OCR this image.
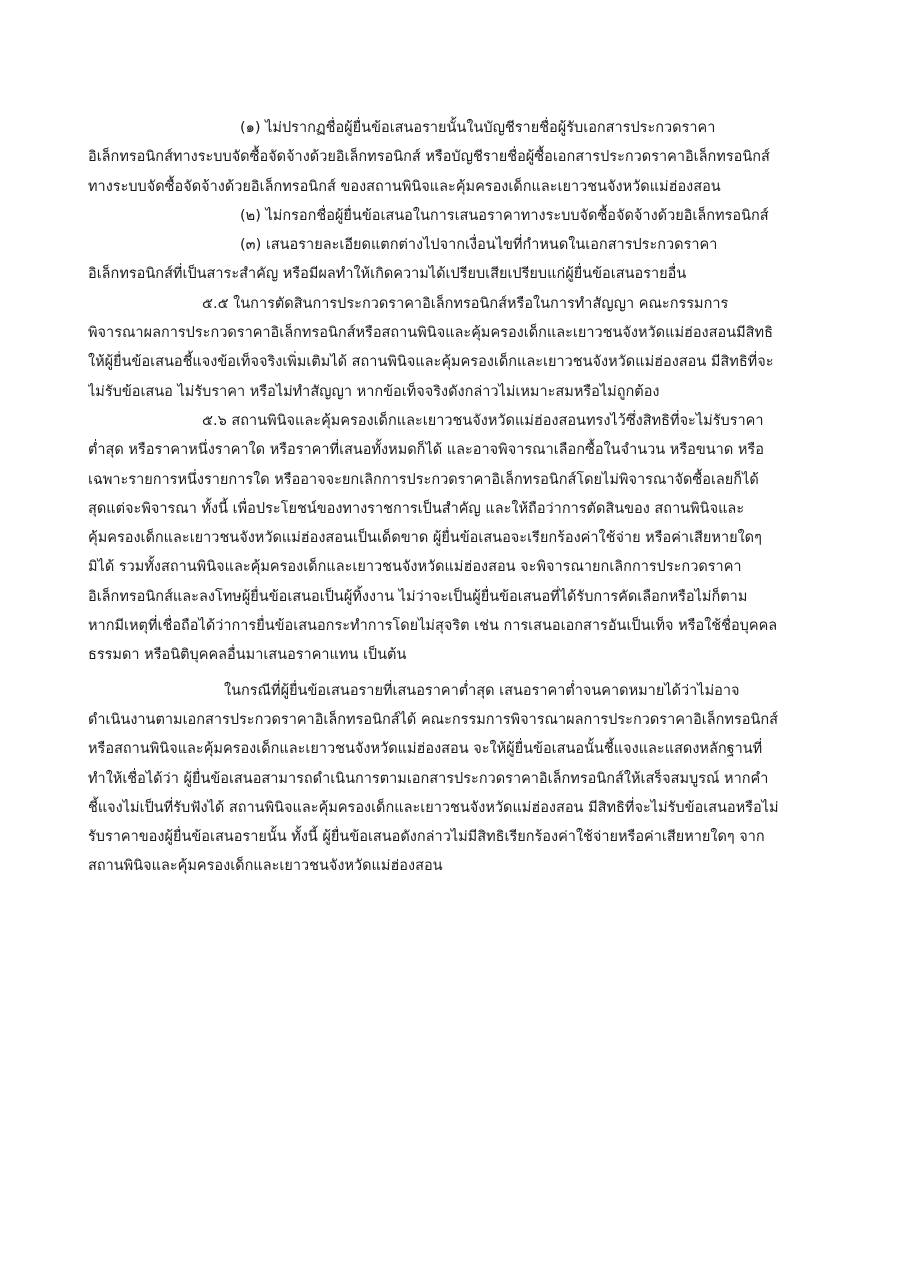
(๑) ไม่ปรากฏชื่อผู้ยื่นข้อเสนอรายนั้นในบัญชีรายชื่อผู้รับเอกสารประกวดราคา
อิเล็กทรอนิกส์ทางระบบจัดซื้อจัดจ้างด้วยอิเล็กทรอนิกส์ หรือบัญชีรายชื่อผู้ซื้อเอกสารประกวดราคาอิเล็กทรอนิกส์
ทางระบบจัดซื้อจัดจ้างด้วยอิเล็กทรอนิกส์ ของสถานพินิจและคุ้มครองเด็กและเยาวชนจังหวัดแม่ฮ่องสอน
(๒) ไม่กรอกชื่อผู้ยื่นข้อเสนอในการเสนอราคาทางระบบจัดซื้อจัดจ้างด้วยอิเล็กทรอนิกส์
(๓) เสนอรายละเอียดแตกต่างไปจากเงื่อนไขที่กำหนดในเอกสารประกวดราคา
อิเล็กทรอนิกส์ที่เป็นสาระสำคัญ หรือมีผลทำให้เกิดความได้เปรียบเสียเปรียบแก่ผู้ยื่นข้อเสนอรายอื่น
๕.๕ ในการตัดสินการประกวดราคาอิเล็กทรอนิกส์หรือในการทำสัญญา คณะกรรมการ
พิจารณาผลการประกวดราคาอิเล็กทรอนิกส์หรือสถานพินิจและคุ้มครองเด็กและเยาวชนจังหวัดแม่ฮ่องสอนมีสิทธิ
ให้ผู้ยื่นข้อเสนอชี้แจงข้อเท็จจริงเพิ่มเติมได้ สถานพินิจและคุ้มครองเด็กและเยาวชนจังหวัดแม่ฮ่องสอน มีสิทธิที่จะ
ไม่รับข้อเสนอ ไม่รับราคา หรือไม่ทำสัญญา หากข้อเท็จจริงดังกล่าวไม่เหมาะสมหรือไม่ถูกต้อง
๕.๖ สถานพินิจและคุ้มครองเด็กและเยาวชนจังหวัดแม่ฮ่องสอนทรงไว้ซึ่งสิทธิที่จะไม่รับราคา
ต่ำสุด หรือราคาหนึ่งราคาใด หรือราคาที่เสนอทั้งหมดก็ได้ และอาจพิจารณาเลือกซื้อในจำนวน หรือขนาด หรือ
เฉพาะรายการหนึ่งรายการใด หรืออาจจะยกเลิกการประกวดราคาอิเล็กทรอนิกส์โดยไม่พิจารณาจัดซื้อเลยก็ได้
สุดแต่จะพิจารณา ทั้งนี้ เพื่อประโยชน์ของทางราชการเป็นสำคัญ และให้ถือว่าการตัดสินของ สถานพินิจและ
คุ้มครองเด็กและเยาวชนจังหวัดแม่ฮ่องสอนเป็นเด็ดขาด ผู้ยื่นข้อเสนอจะเรียกร้องค่าใช้จ่าย หรือค่าเสียหายใดๆ
มิได้ รวมทั้งสถานพินิจและคุ้มครองเด็กและเยาวชนจังหวัดแม่ฮ่องสอน จะพิจารณายกเลิกการประกวดราคา
อิเล็กทรอนิกส์และลงโทษผู้ยื่นข้อเสนอเป็นผู้ทิ้งงาน ไม่ว่าจะเป็นผู้ยื่นข้อเสนอที่ได้รับการคัดเลือกหรือไม่ก็ตาม
หากมีเหตุที่เชื่อถือได้ว่าการยื่นข้อเสนอกระทำการโดยไม่สุจริต เช่น การเสนอเอกสารอันเป็นเท็จ หรือใช้ชื่อบุคคล
ธรรมดา หรือนิติบุคคลอื่นมาเสนอราคาแทน เป็นต้น
ในกรณีที่ผู้ยื่นข้อเสนอรายที่เสนอราคาต่ำสุด เสนอราคาต่ำจนคาดหมายได้ว่าไม่อาจ
ดำเนินงานตามเอกสารประกวดราคาอิเล็กทรอนิกส์ได้ คณะกรรมการพิจารณาผลการประกวดราคาอิเล็กทรอนิกส์
หรือสถานพินิจและคุ้มครองเด็กและเยาวชนจังหวัดแม่ฮ่องสอน จะให้ผู้ยื่นข้อเสนอนั้นชี้แจงและแสดงหลักฐานที่
ทำให้เชื่อได้ว่า ผู้ยื่นข้อเสนอสามารถดำเนินการตามเอกสารประกวดราคาอิเล็กทรอนิกส์ให้เสร็จสมบูรณ์ หากคำ
ชี้แจงไม่เป็นที่รับฟังได้ สถานพินิจและคุ้มครองเด็กและเยาวชนจังหวัดแม่ฮ่องสอน มีสิทธิที่จะไม่รับข้อเสนอหรือไม่
รับราคาของผู้ยื่นข้อเสนอรายนั้น ทั้งนี้ ผู้ยื่นข้อเสนอดังกล่าวไม่มีสิทธิเรียกร้องค่าใช้จ่ายหรือค่าเสียหายใดๆ จาก
สถานพินิจและคุ้มครองเด็กและเยาวชนจังหวัดแม่ฮ่องสอน
